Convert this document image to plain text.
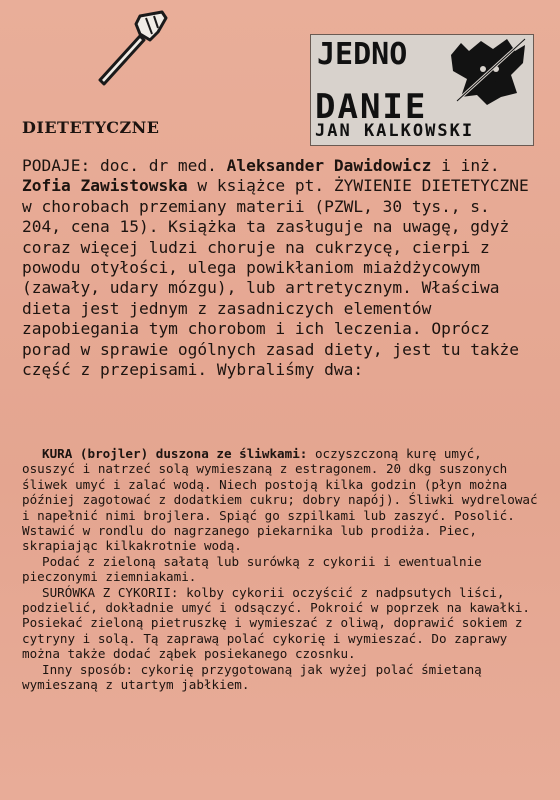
JEDNO
DANIE
JAN KALKOWSKI
DIETETYCZNE

PODAJE: doc. dr med. Aleksander Dawidowicz i inż. Zofia Zawistowska w książce pt. ŻYWIENIE DIETETYCZNE w chorobach przemiany materii (PZWL, 30 tys., s. 204, cena 15). Książka ta zasługuje na uwagę, gdyż coraz więcej ludzi choruje na cukrzycę, cierpi z powodu otyłości, ulega powikłaniom miażdżycowym (zawały, udary mózgu), lub artretycznym. Właściwa dieta jest jednym z zasadniczych elementów zapobiegania tym chorobom i ich leczenia. Oprócz porad w sprawie ogólnych zasad diety, jest tu także część z przepisami. Wybraliśmy dwa:

KURA (brojler) duszona ze śliwkami: oczyszczoną kurę umyć, osuszyć i natrzeć solą wymieszaną z estragonem. 20 dkg suszonych śliwek umyć i zalać wodą. Niech postoją kilka godzin (płyn można później zagotować z dodatkiem cukru; dobry napój). Śliwki wydrelować i napełnić nimi brojlera. Spiąć go szpilkami lub zaszyć. Posolić. Wstawić w rondlu do nagrzanego piekarnika lub prodiża. Piec, skrapiając kilkakrotnie wodą.

Podać z zieloną sałatą lub surówką z cykorii i ewentualnie pieczonymi ziemniakami.

SURÓWKA Z CYKORII: kolby cykorii oczyścić z nadpsutych liści, podzielić, dokładnie umyć i odsączyć. Pokroić w poprzek na kawałki. Posiekać zieloną pietruszkę i wymieszać z oliwą, doprawić sokiem z cytryny i solą. Tą zaprawą polać cykorię i wymieszać. Do zaprawy można także dodać ząbek posiekanego czosnku.

Inny sposób: cykorię przygotowaną jak wyżej polać śmietaną wymieszaną z utartym jabłkiem.
